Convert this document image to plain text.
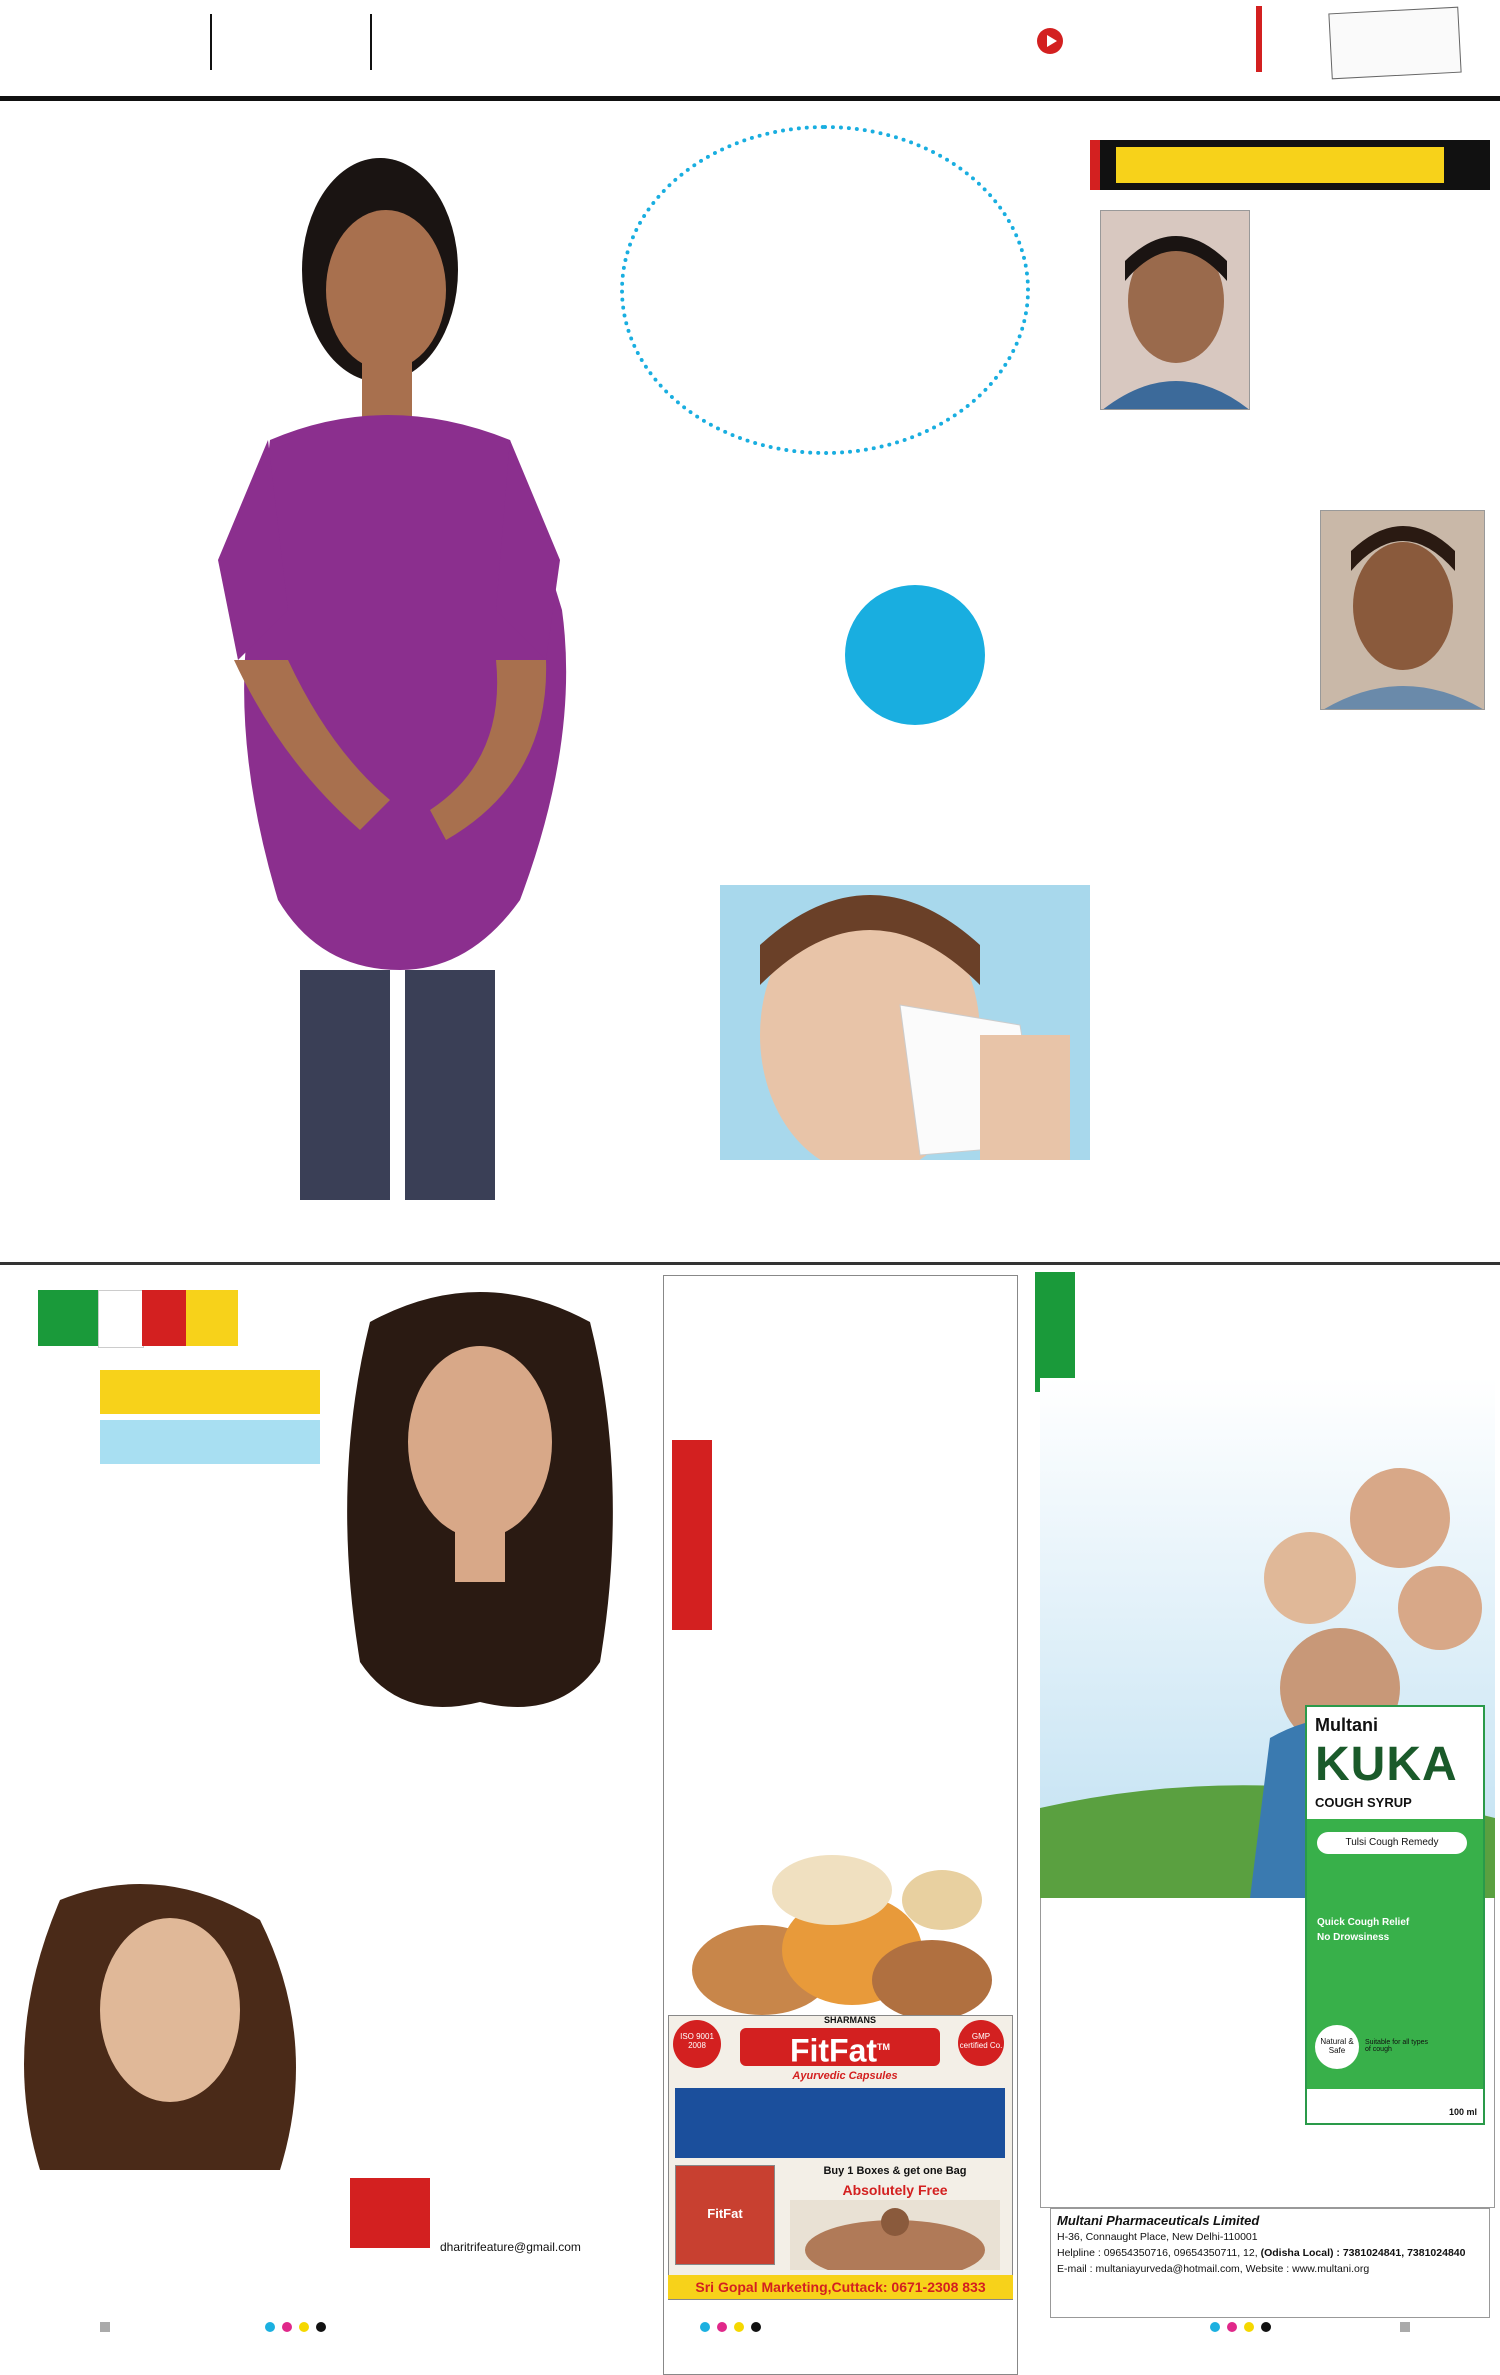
dharitrifeature@gmail.com
ISO 9001 2008
SHARMANS
FitFat™
Ayurvedic Capsules
GMP certified Co.
FitFat
Buy 1 Boxes & get one Bag
Absolutely Free
Sri Gopal Marketing,Cuttack: 0671-2308 833
Multani
KUKA
COUGH SYRUP
Tulsi Cough Remedy
Quick Cough Relief
No Drowsiness
Natural & Safe
Suitable for all types of cough
100 ml
Multani Pharmaceuticals Limited
H-36, Connaught Place, New Delhi-110001
Helpline : 09654350716, 09654350711, 12, (Odisha Local) : 7381024841, 7381024840
E-mail : multaniayurveda@hotmail.com, Website : www.multani.org
